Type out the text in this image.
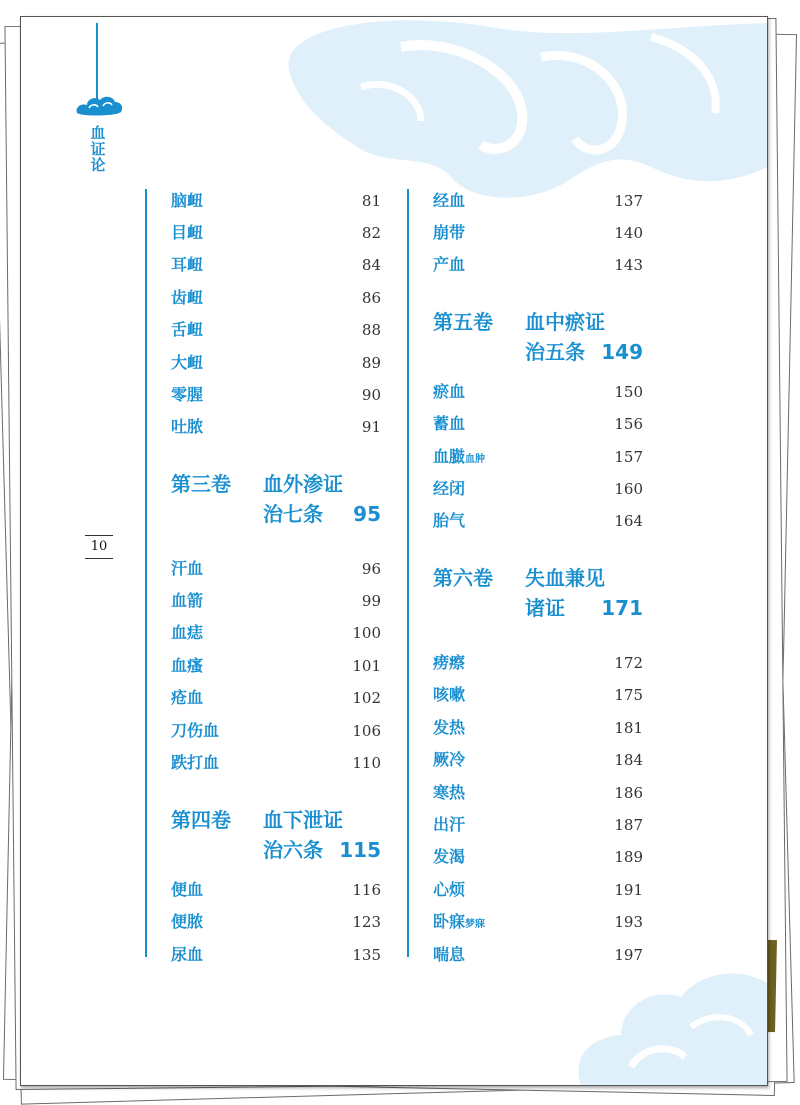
血
证
论
10
脑衄	81
目衄	82
耳衄	84
齿衄	86
舌衄	88
大衄	89
零腥	90
吐脓	91
第三卷 血外渗证
治七条 95
汗血	96
血箭	99
血痣	100
血瘙	101
疮血	102
刀伤血	106
跌打血	110
第四卷 血下泄证
治六条 115
便血	116
便脓	123
尿血	135
经血	137
崩带	140
产血	143
第五卷 血中瘀证
治五条 149
瘀血	150
蓄血	156
血臌血肿	157
经闭	160
胎气	164
第六卷 失血兼见
诸证 171
痨瘵	172
咳嗽	175
发热	181
厥冷	184
寒热	186
出汗	187
发渴	189
心烦	191
卧寐梦寐	193
喘息	197
